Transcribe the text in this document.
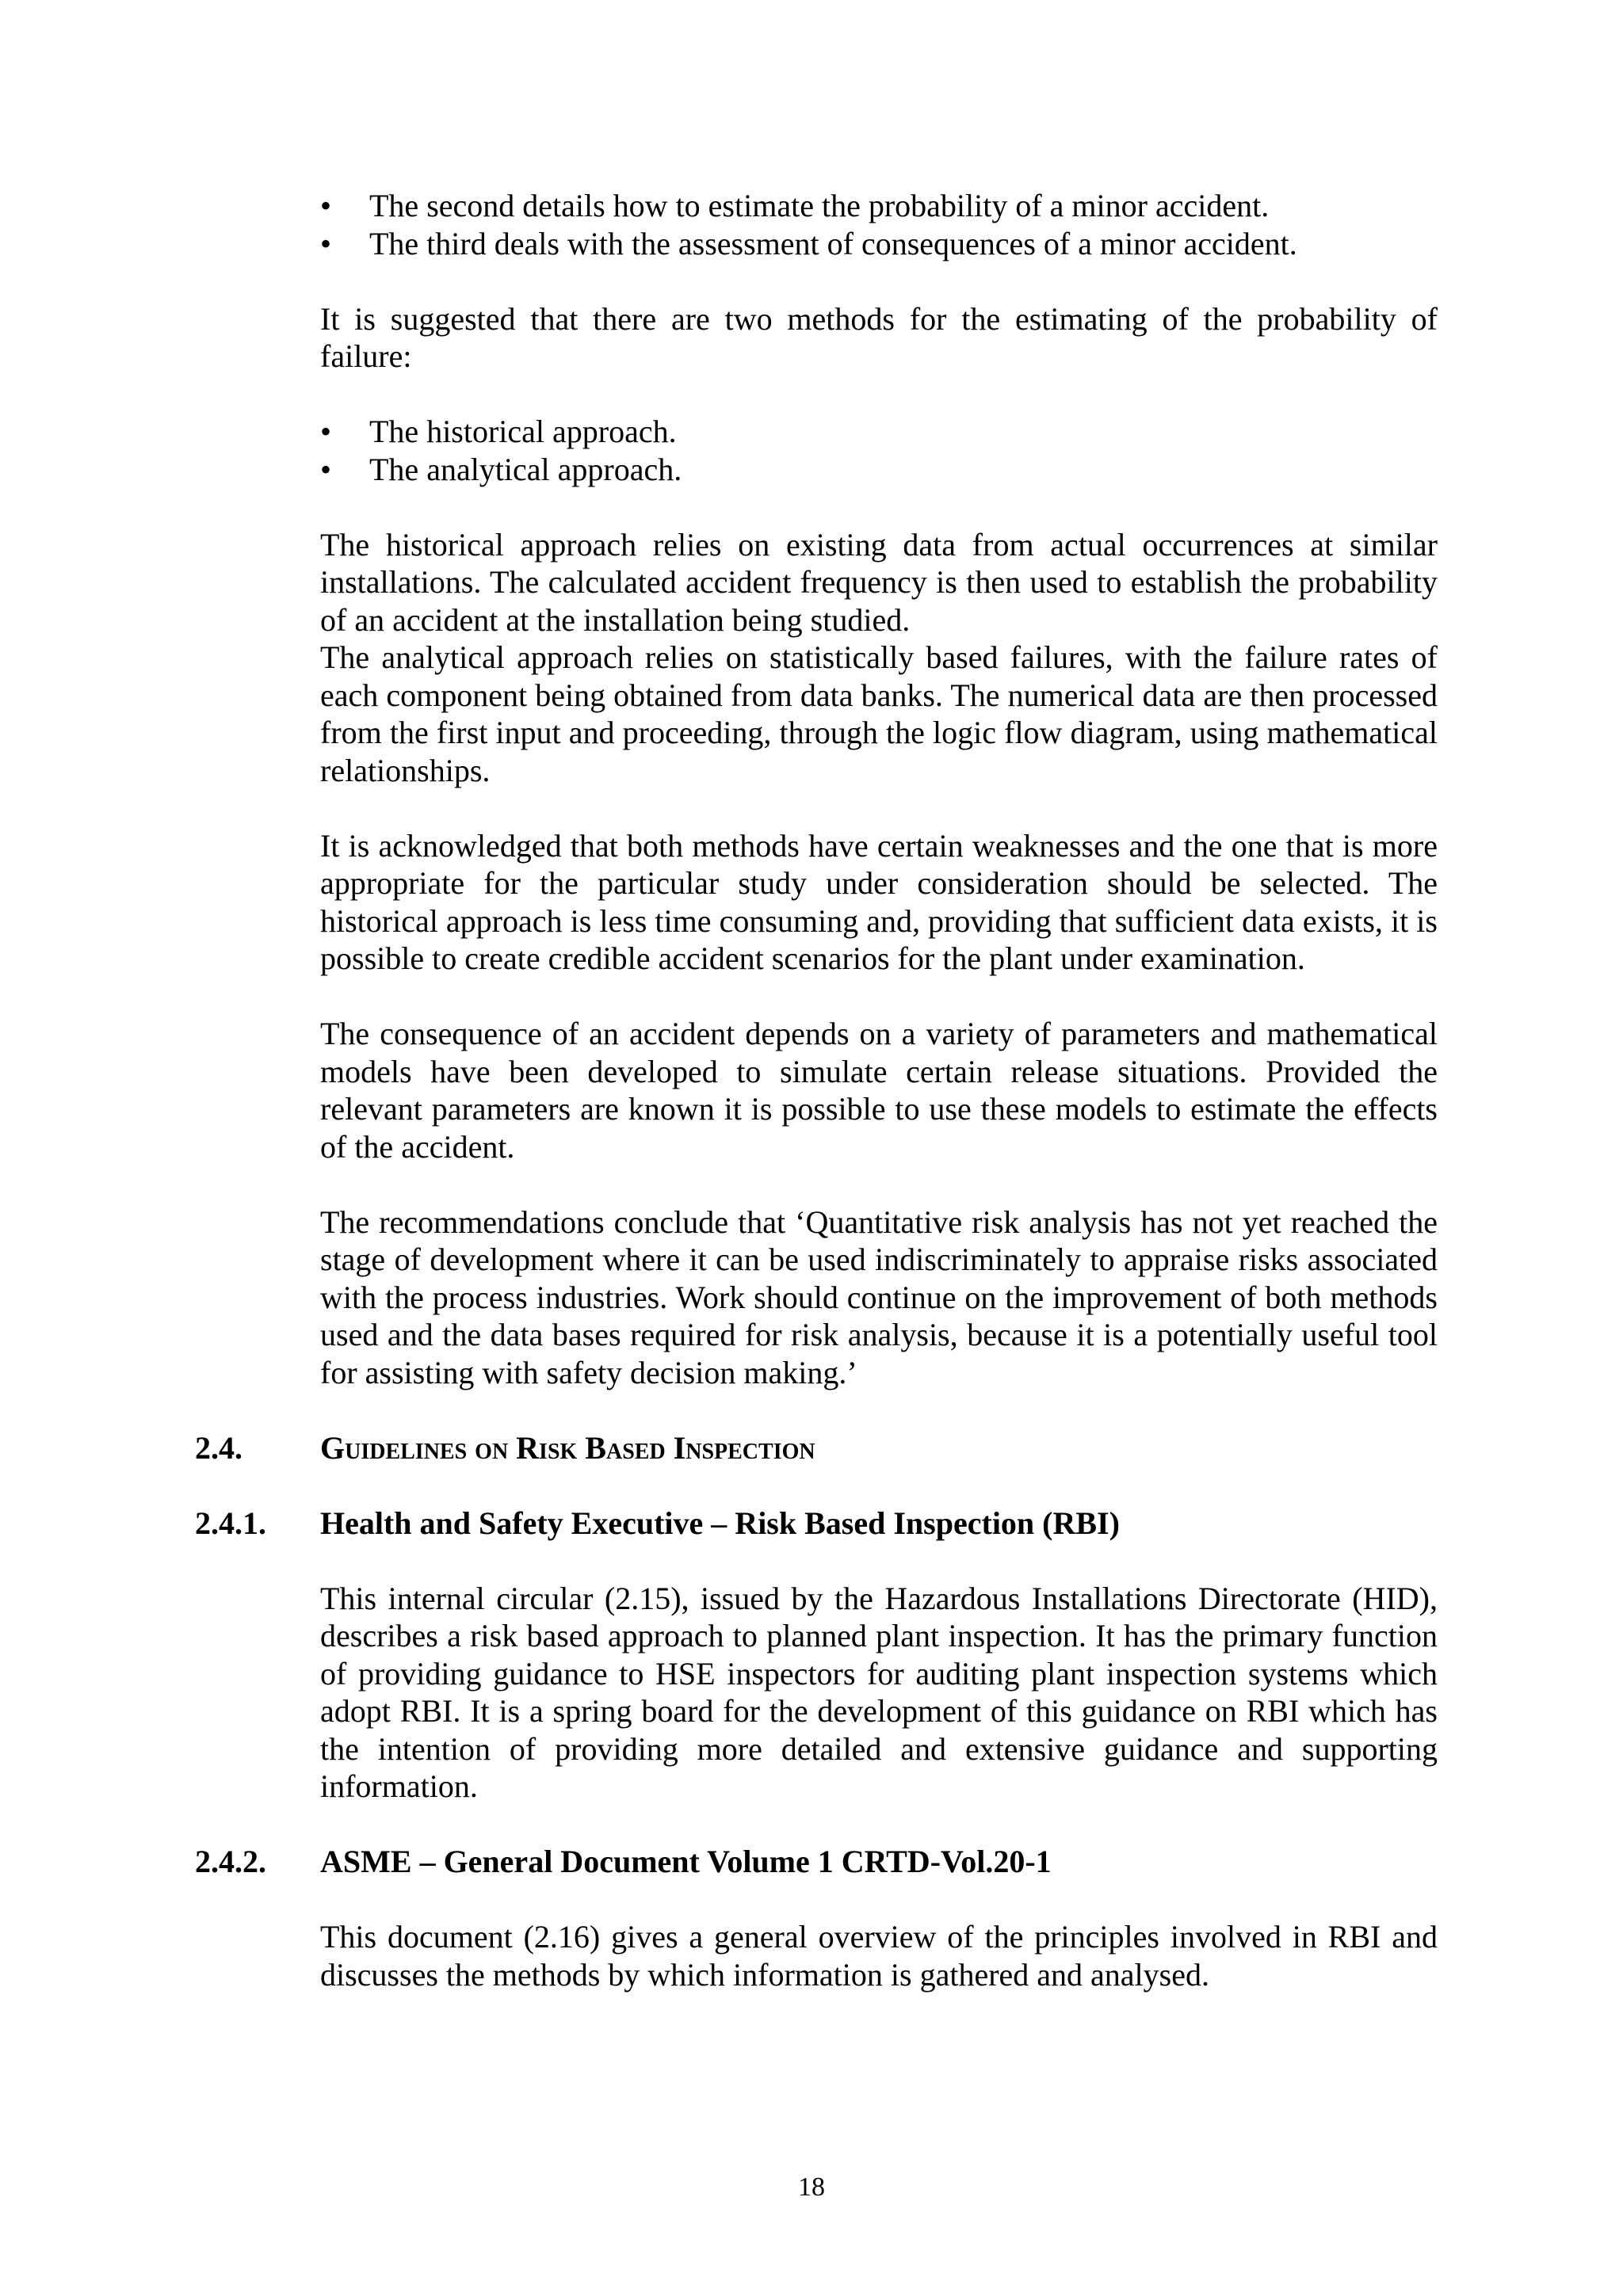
• The second details how to estimate the probability of a minor accident.
• The third deals with the assessment of consequences of a minor accident.

It is suggested that there are two methods for the estimating of the probability of failure:

• The historical approach.
• The analytical approach.

The historical approach relies on existing data from actual occurrences at similar installations. The calculated accident frequency is then used to establish the probability of an accident at the installation being studied.

The analytical approach relies on statistically based failures, with the failure rates of each component being obtained from data banks. The numerical data are then processed from the first input and proceeding, through the logic flow diagram, using mathematical relationships.

It is acknowledged that both methods have certain weaknesses and the one that is more appropriate for the particular study under consideration should be selected. The historical approach is less time consuming and, providing that sufficient data exists, it is possible to create credible accident scenarios for the plant under examination.

The consequence of an accident depends on a variety of parameters and mathematical models have been developed to simulate certain release situations. Provided the relevant parameters are known it is possible to use these models to estimate the effects of the accident.

The recommendations conclude that ‘Quantitative risk analysis has not yet reached the stage of development where it can be used indiscriminately to appraise risks associated with the process industries. Work should continue on the improvement of both methods used and the data bases required for risk analysis, because it is a potentially useful tool for assisting with safety decision making.’

2.4. Guidelines on Risk Based Inspection
2.4.1. Health and Safety Executive – Risk Based Inspection (RBI)

This internal circular (2.15), issued by the Hazardous Installations Directorate (HID), describes a risk based approach to planned plant inspection. It has the primary function of providing guidance to HSE inspectors for auditing plant inspection systems which adopt RBI. It is a spring board for the development of this guidance on RBI which has the intention of providing more detailed and extensive guidance and supporting information.

2.4.2. ASME – General Document Volume 1 CRTD-Vol.20-1

This document (2.16) gives a general overview of the principles involved in RBI and discusses the methods by which information is gathered and analysed.

18
